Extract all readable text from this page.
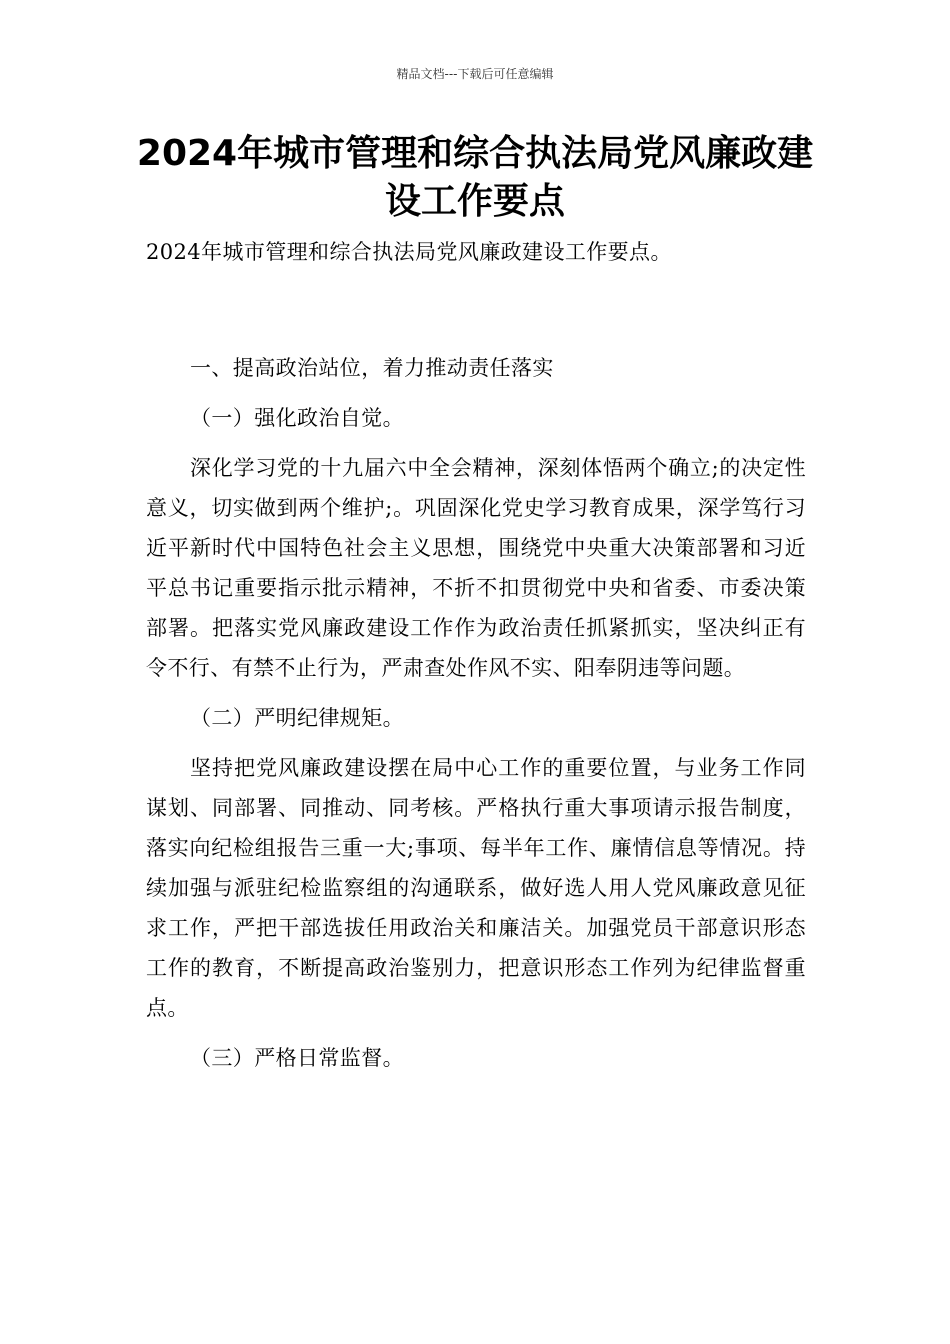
精品文档---下载后可任意编辑
2024年城市管理和综合执法局党风廉政建设工作要点

2024年城市管理和综合执法局党风廉政建设工作要点。

一、提高政治站位，着力推动责任落实

（一）强化政治自觉。

深化学习党的十九届六中全会精神，深刻体悟两个确立;的决定性意义，切实做到两个维护;。巩固深化党史学习教育成果，深学笃行习近平新时代中国特色社会主义思想，围绕党中央重大决策部署和习近平总书记重要指示批示精神，不折不扣贯彻党中央和省委、市委决策部署。把落实党风廉政建设工作作为政治责任抓紧抓实，坚决纠正有令不行、有禁不止行为，严肃查处作风不实、阳奉阴违等问题。

（二）严明纪律规矩。

坚持把党风廉政建设摆在局中心工作的重要位置，与业务工作同谋划、同部署、同推动、同考核。严格执行重大事项请示报告制度，落实向纪检组报告三重一大;事项、每半年工作、廉情信息等情况。持续加强与派驻纪检监察组的沟通联系，做好选人用人党风廉政意见征求工作，严把干部选拔任用政治关和廉洁关。加强党员干部意识形态工作的教育，不断提高政治鉴别力，把意识形态工作列为纪律监督重点。

（三）严格日常监督。
